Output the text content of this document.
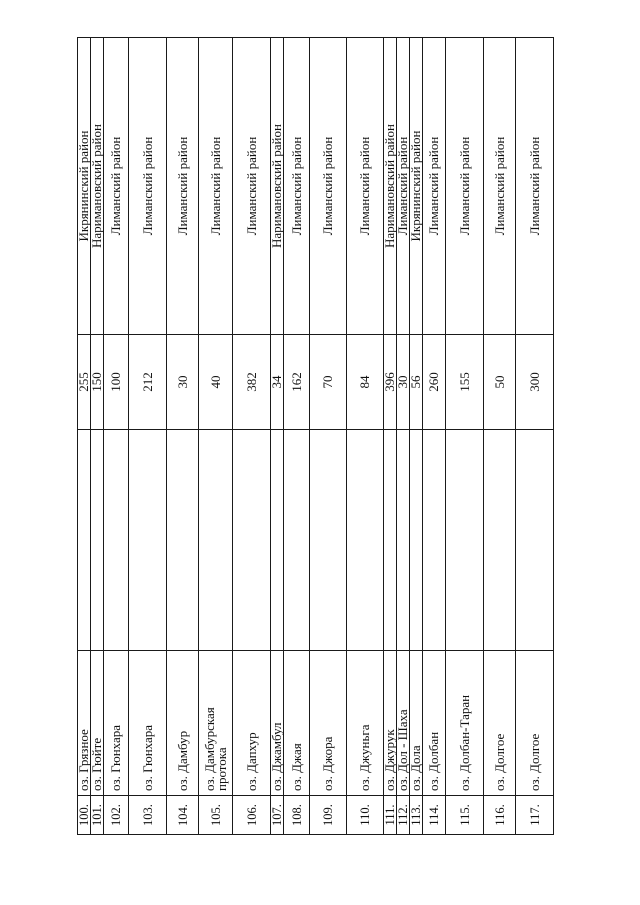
100.	оз. Грязное		255	Икрянинский район
101.	оз. Гюйте		150	Наримановский район
102.	оз. Гюнхара		100	Лиманский район
103.	оз. Гюнхара		212	Лиманский район
104.	оз. Дамбур		30	Лиманский район
105.	оз. Дамбурская
протока		40	Лиманский район
106.	оз. Дапхур		382	Лиманский район
107.	оз. Джамбул		34	Наримановский район
108.	оз. Джая		162	Лиманский район
109.	оз. Джора		70	Лиманский район
110.	оз. Джуньга		84	Лиманский район
111.	оз. Джурук		396	Наримановский район
112.	оз. Дол - Шаха		30	Лиманский район
113.	оз. Дола		56	Икрянинский район
114.	оз. Долбан		260	Лиманский район
115.	оз. Долбан-Таран		155	Лиманский район
116.	оз. Долгое		50	Лиманский район
117.	оз. Долгое		300	Лиманский район
